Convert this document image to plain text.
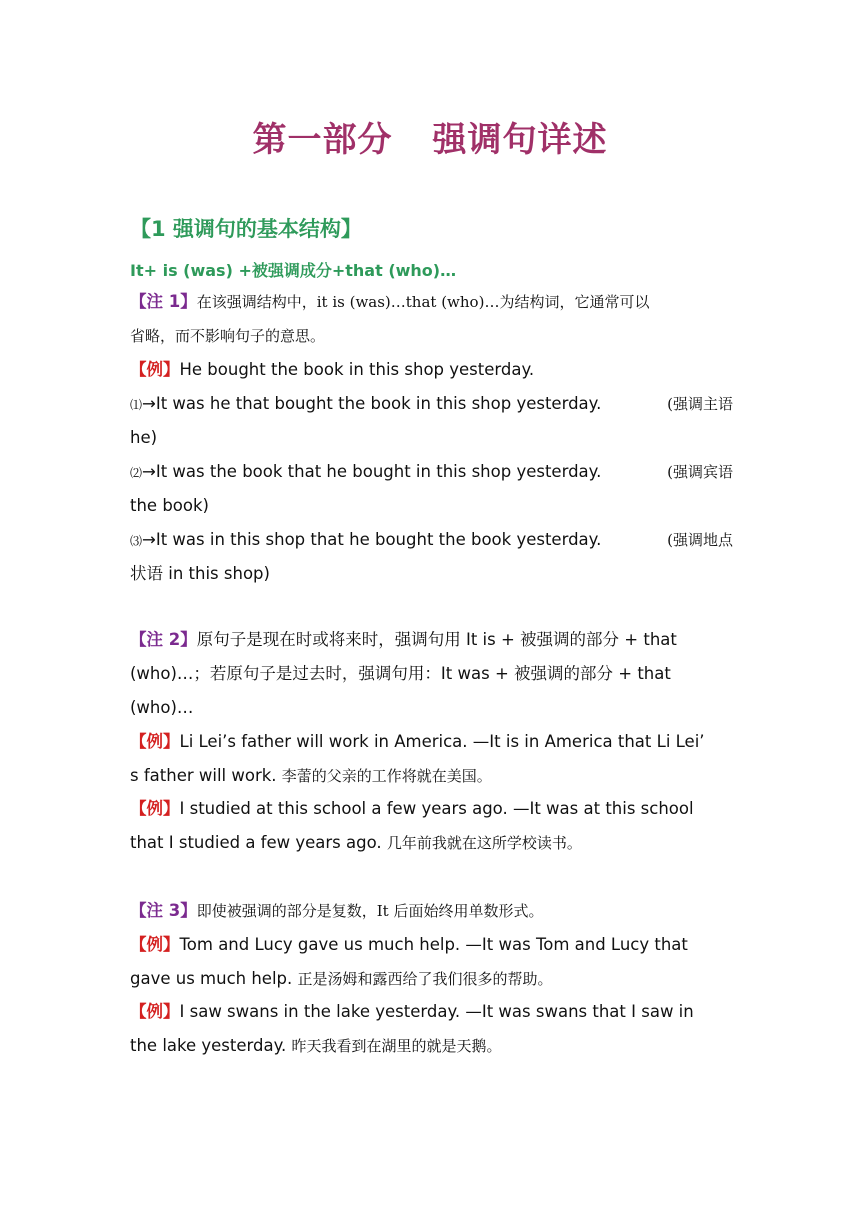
第一部分 强调句详述
【1 强调句的基本结构】
It+ is (was) +被强调成分+that (who)…
【注 1】在该强调结构中，it is (was)…that (who)…为结构词，它通常可以
省略，而不影响句子的意思。
【例】He bought the book in this shop yesterday.
⑴→It was he that bought the book in this shop yesterday.	(强调主语
he)
⑵→It was the book that he bought in this shop yesterday.	(强调宾语
the book)
⑶→It was in this shop that he bought the book yesterday.	(强调地点
状语 in this shop)
【注 2】原句子是现在时或将来时，强调句用 It is + 被强调的部分 + that
(who)…；若原句子是过去时，强调句用：It was + 被强调的部分 + that
(who)…
【例】Li Lei’s father will work in America. —It is in America that Li Lei’
s father will work. 李蕾的父亲的工作将就在美国。
【例】I studied at this school a few years ago. —It was at this school
that I studied a few years ago. 几年前我就在这所学校读书。
【注 3】即使被强调的部分是复数，It 后面始终用单数形式。
【例】Tom and Lucy gave us much help. —It was Tom and Lucy that
gave us much help. 正是汤姆和露西给了我们很多的帮助。
【例】I saw swans in the lake yesterday. —It was swans that I saw in
the lake yesterday. 昨天我看到在湖里的就是天鹅。
